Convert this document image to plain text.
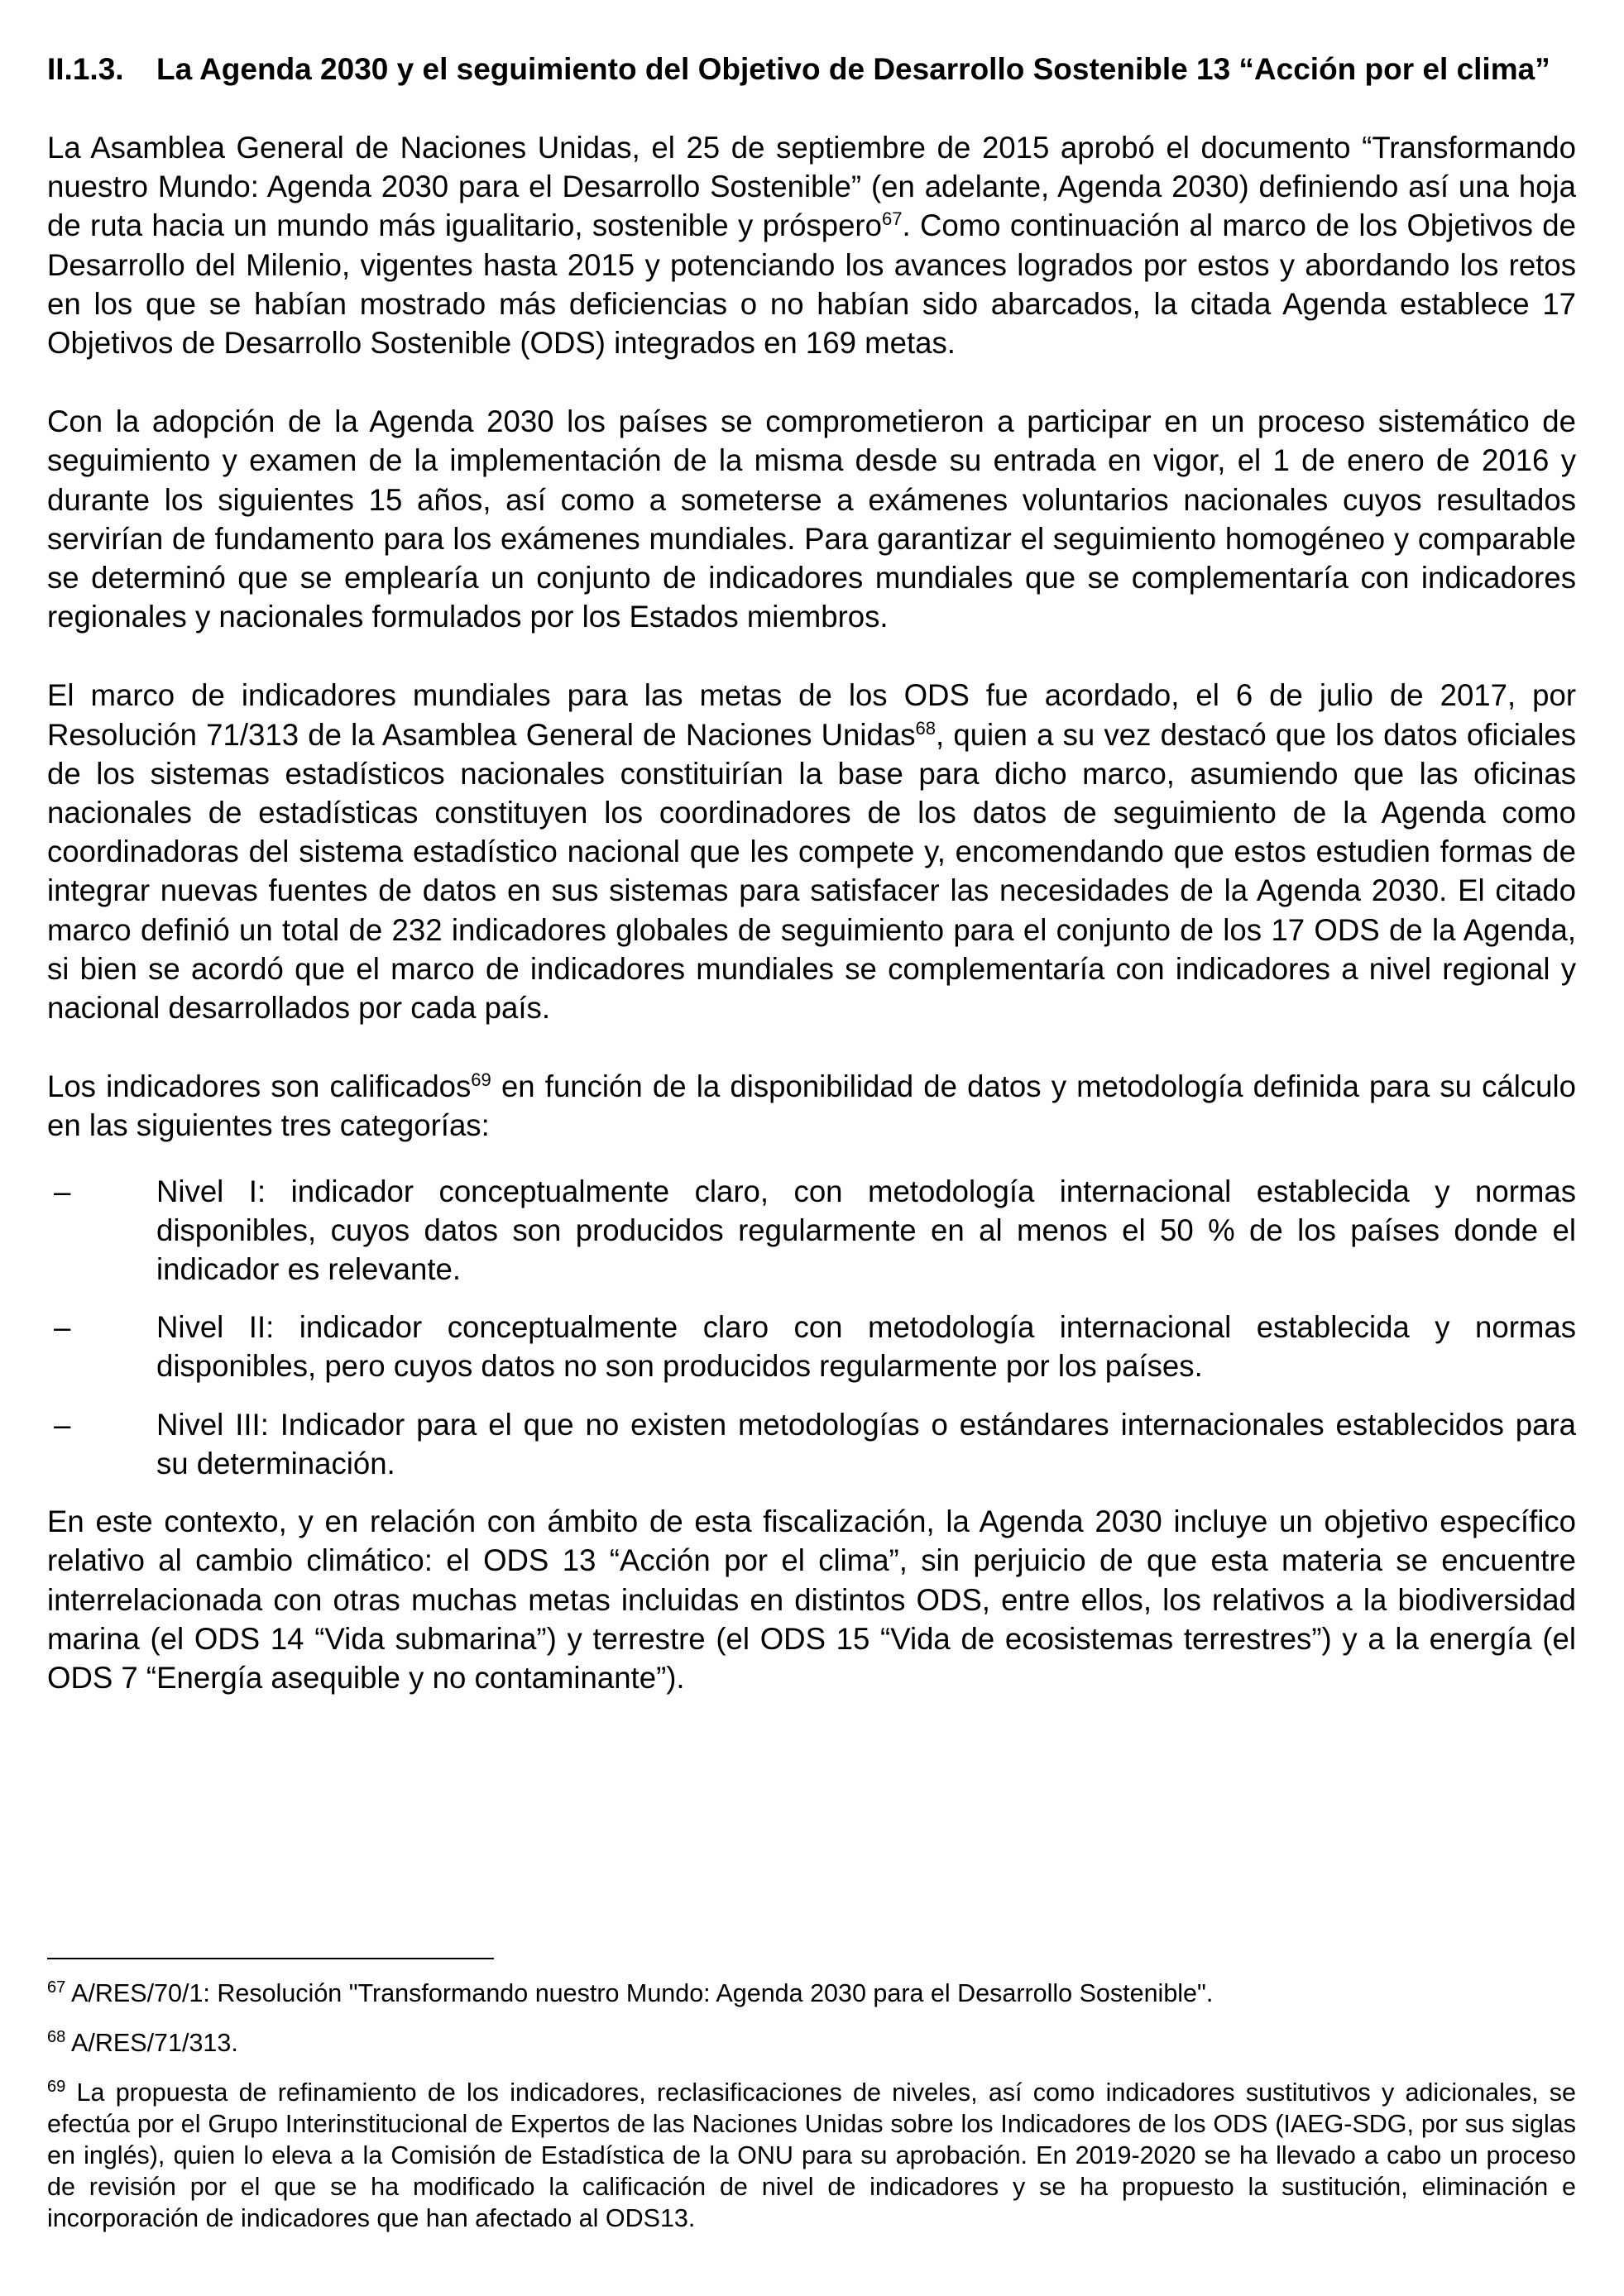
II.1.3.	La Agenda 2030 y el seguimiento del Objetivo de Desarrollo Sostenible 13 “Acción por el clima”

La Asamblea General de Naciones Unidas, el 25 de septiembre de 2015 aprobó el documento “Transformando nuestro Mundo: Agenda 2030 para el Desarrollo Sostenible” (en adelante, Agenda 2030) definiendo así una hoja de ruta hacia un mundo más igualitario, sostenible y próspero$^{67}$. Como continuación al marco de los Objetivos de Desarrollo del Milenio, vigentes hasta 2015 y potenciando los avances logrados por estos y abordando los retos en los que se habían mostrado más deficiencias o no habían sido abarcados, la citada Agenda establece 17 Objetivos de Desarrollo Sostenible (ODS) integrados en 169 metas.

Con la adopción de la Agenda 2030 los países se comprometieron a participar en un proceso sistemático de seguimiento y examen de la implementación de la misma desde su entrada en vigor, el 1 de enero de 2016 y durante los siguientes 15 años, así como a someterse a exámenes voluntarios nacionales cuyos resultados servirían de fundamento para los exámenes mundiales. Para garantizar el seguimiento homogéneo y comparable se determinó que se emplearía un conjunto de indicadores mundiales que se complementaría con indicadores regionales y nacionales formulados por los Estados miembros.

El marco de indicadores mundiales para las metas de los ODS fue acordado, el 6 de julio de 2017, por Resolución 71/313 de la Asamblea General de Naciones Unidas$^{68}$, quien a su vez destacó que los datos oficiales de los sistemas estadísticos nacionales constituirían la base para dicho marco, asumiendo que las oficinas nacionales de estadísticas constituyen los coordinadores de los datos de seguimiento de la Agenda como coordinadoras del sistema estadístico nacional que les compete y, encomendando que estos estudien formas de integrar nuevas fuentes de datos en sus sistemas para satisfacer las necesidades de la Agenda 2030. El citado marco definió un total de 232 indicadores globales de seguimiento para el conjunto de los 17 ODS de la Agenda, si bien se acordó que el marco de indicadores mundiales se complementaría con indicadores a nivel regional y nacional desarrollados por cada país.

Los indicadores son calificados$^{69}$ en función de la disponibilidad de datos y metodología definida para su cálculo en las siguientes tres categorías:

–	Nivel I: indicador conceptualmente claro, con metodología internacional establecida y normas disponibles, cuyos datos son producidos regularmente en al menos el 50 % de los países donde el indicador es relevante.
–	Nivel II: indicador conceptualmente claro con metodología internacional establecida y normas disponibles, pero cuyos datos no son producidos regularmente por los países.
–	Nivel III: Indicador para el que no existen metodologías o estándares internacionales establecidos para su determinación.

En este contexto, y en relación con ámbito de esta fiscalización, la Agenda 2030 incluye un objetivo específico relativo al cambio climático: el ODS 13 “Acción por el clima”, sin perjuicio de que esta materia se encuentre interrelacionada con otras muchas metas incluidas en distintos ODS, entre ellos, los relativos a la biodiversidad marina (el ODS 14 “Vida submarina”) y terrestre (el ODS 15 “Vida de ecosistemas terrestres”) y a la energía (el ODS 7 “Energía asequible y no contaminante”).

$^{67}$ A/RES/70/1: Resolución "Transformando nuestro Mundo: Agenda 2030 para el Desarrollo Sostenible".

$^{68}$ A/RES/71/313.

$^{69}$ La propuesta de refinamiento de los indicadores, reclasificaciones de niveles, así como indicadores sustitutivos y adicionales, se efectúa por el Grupo Interinstitucional de Expertos de las Naciones Unidas sobre los Indicadores de los ODS (IAEG-SDG, por sus siglas en inglés), quien lo eleva a la Comisión de Estadística de la ONU para su aprobación. En 2019-2020 se ha llevado a cabo un proceso de revisión por el que se ha modificado la calificación de nivel de indicadores y se ha propuesto la sustitución, eliminación e incorporación de indicadores que han afectado al ODS13.
